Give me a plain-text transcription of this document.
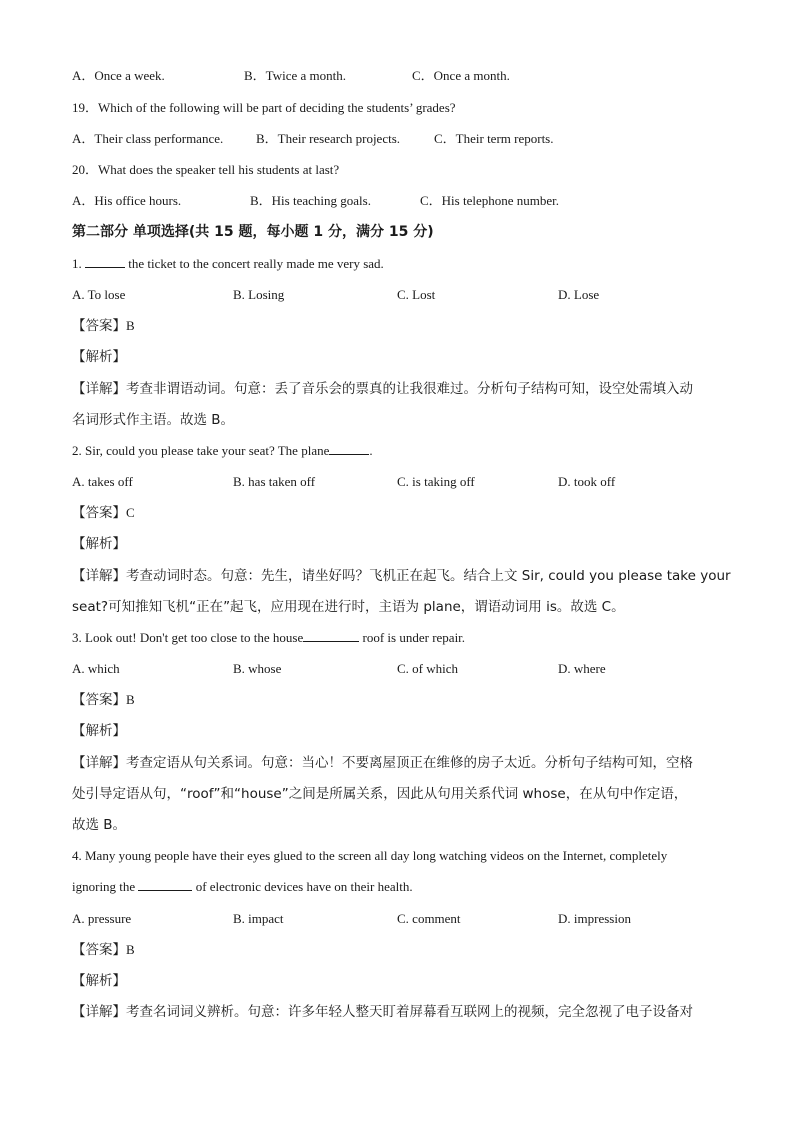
A．Once a week.	B．Twice a month.	C．Once a month.
19．Which of the following will be part of deciding the students’ grades?
A．Their class performance.	B．Their research projects.	C．Their term reports.
20．What does the speaker tell his students at last?
A．His office hours.	B．His teaching goals.	C．His telephone number.
第二部分 单项选择(共 15 题，每小题 1 分，满分 15 分)
1.	the ticket to the concert really made me very sad.
A. To lose	B. Losing	C. Lost	D. Lose
【答案】B
【解析】
【详解】考查非谓语动词。句意：丢了音乐会的票真的让我很难过。分析句子结构可知，设空处需填入动
名词形式作主语。故选 B。
2. Sir, could you please take your seat? The plane	.
A. takes off	B. has taken off	C. is taking off	D. took off
【答案】C
【解析】
【详解】考查动词时态。句意：先生，请坐好吗？飞机正在起飞。结合上文 Sir, could you please take your
seat?可知推知飞机“正在”起飞，应用现在进行时，主语为 plane，谓语动词用 is。故选 C。
3. Look out! Don't get too close to the house	roof is under repair.
A. which	B. whose	C. of which	D. where
【答案】B
【解析】
【详解】考查定语从句关系词。句意：当心！不要离屋顶正在维修的房子太近。分析句子结构可知，空格
处引导定语从句，“roof”和“house”之间是所属关系，因此从句用关系代词 whose，在从句中作定语，
故选 B。
4. Many young people have their eyes glued to the screen all day long watching videos on the Internet, completely
ignoring the	of electronic devices have on their health.
A. pressure	B. impact	C. comment	D. impression
【答案】B
【解析】
【详解】考查名词词义辨析。句意：许多年轻人整天盯着屏幕看互联网上的视频，完全忽视了电子设备对
